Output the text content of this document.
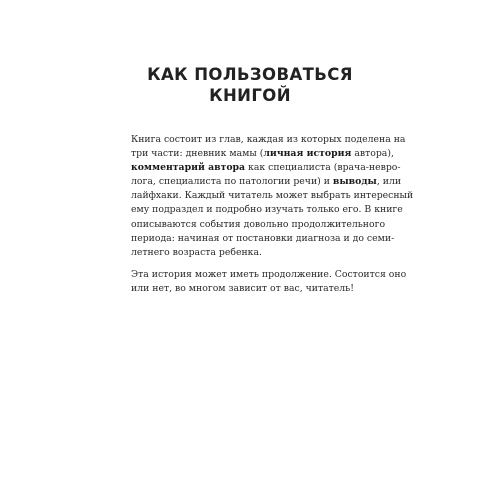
КАК ПОЛЬЗОВАТЬСЯ
КНИГОЙ

Книга состоит из глав, каждая из которых поделена на
три части: дневник мамы (личная история автора),
комментарий автора как специалиста (врача-невро-
лога, специалиста по патологии речи) и выводы, или
лайфхаки. Каждый читатель может выбрать интересный
ему подраздел и подробно изучать только его. В книге
описываются события довольно продолжительного
периода: начиная от постановки диагноза и до семи-
летнего возраста ребенка.

Эта история может иметь продолжение. Состоится оно
или нет, во многом зависит от вас, читатель!
